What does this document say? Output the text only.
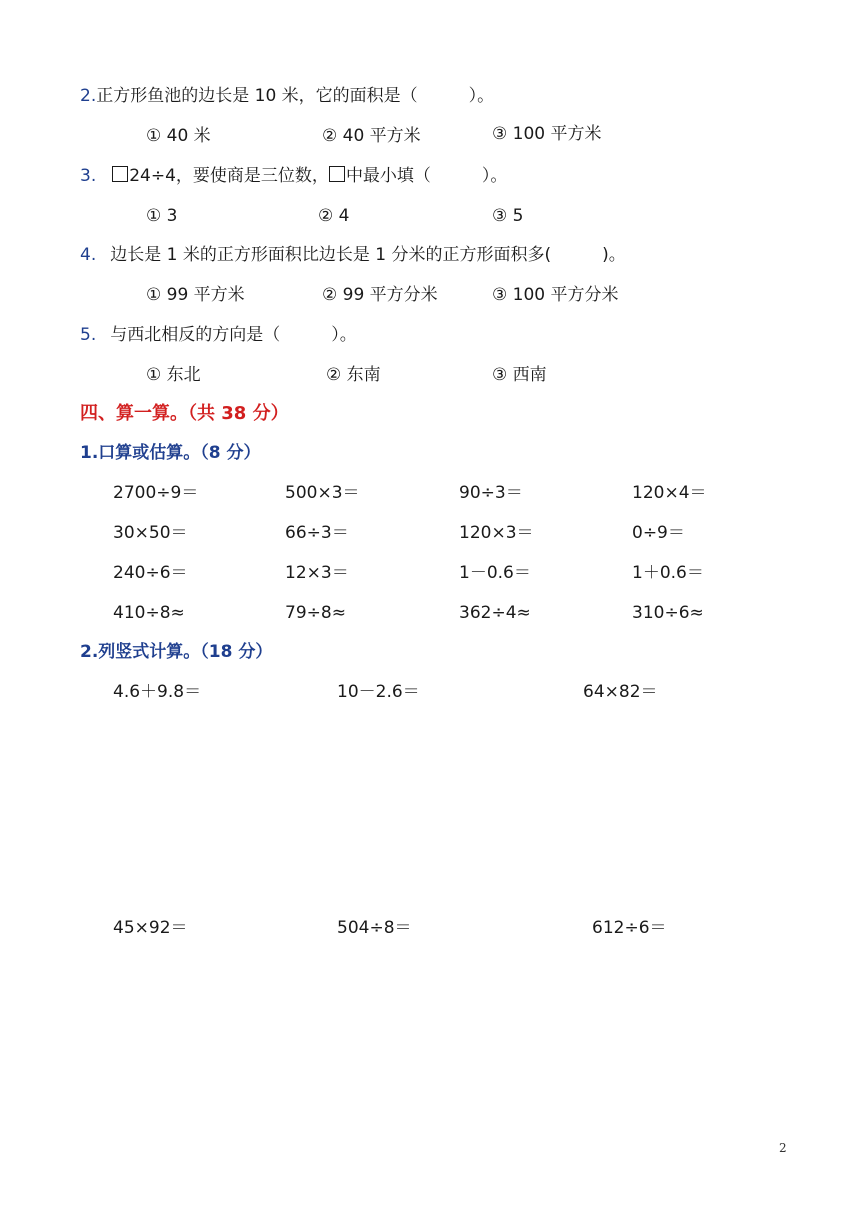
2.正方形鱼池的边长是 10 米，它的面积是（　　　）。
① 40 米	② 40 平方米	③ 100 平方米
3. 24÷4，要使商是三位数， 中最小填（　　　）。
① 3	② 4	③ 5
4. 边长是 1 米的正方形面积比边长是 1 分米的正方形面积多(　　　)。
① 99 平方米	② 99 平方分米	③ 100 平方分米
5. 与西北相反的方向是（　　　）。
① 东北	② 东南	③ 西南
四、算一算。（共 38 分）
1.口算或估算。（8 分）
2700÷9＝	500×3＝	90÷3＝	120×4＝
30×50＝	66÷3＝	120×3＝	0÷9＝
240÷6＝	12×3＝	1－0.6＝	1＋0.6＝
410÷8≈	79÷8≈	362÷4≈	310÷6≈
2.列竖式计算。（18 分）
4.6＋9.8＝	10－2.6＝	64×82＝
45×92＝	504÷8＝	612÷6＝
2
